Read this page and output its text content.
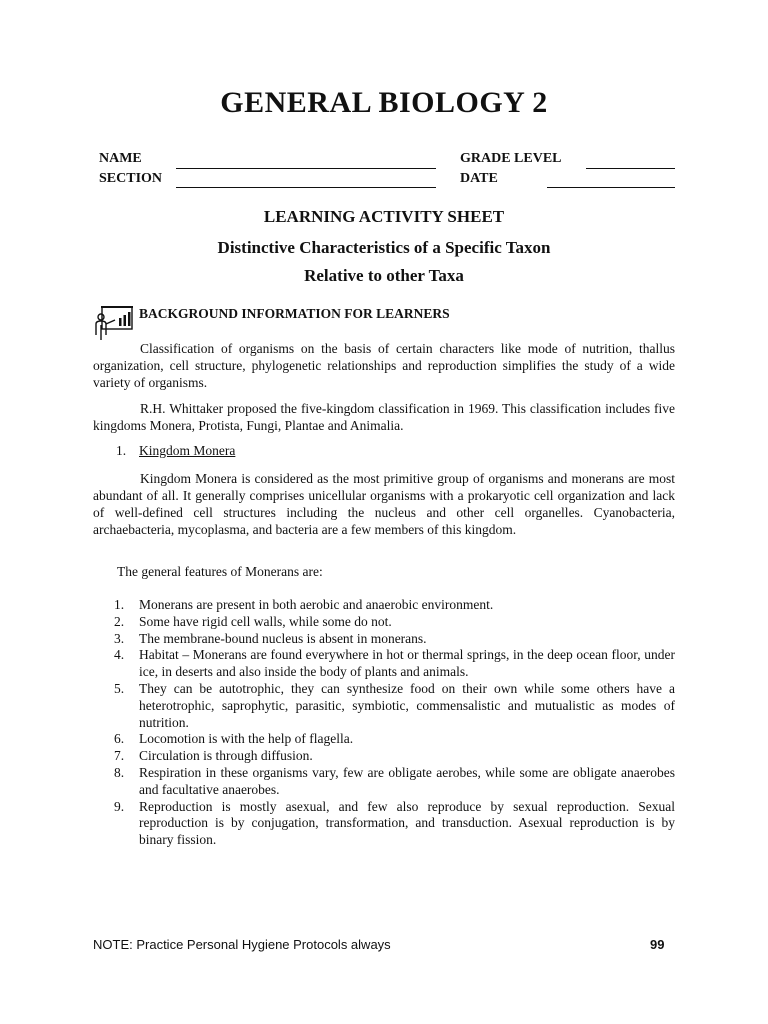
GENERAL BIOLOGY 2
NAME
SECTION
GRADE LEVEL
DATE
LEARNING ACTIVITY SHEET
Distinctive Characteristics of a Specific Taxon
Relative to other Taxa
BACKGROUND INFORMATION FOR LEARNERS
Classification of organisms on the basis of certain characters like mode of nutrition, thallus organization, cell structure, phylogenetic relationships and reproduction simplifies the study of a wide variety of organisms.
R.H. Whittaker proposed the five-kingdom classification in 1969. This classification includes five kingdoms Monera, Protista, Fungi, Plantae and Animalia.
1. Kingdom Monera
Kingdom Monera is considered as the most primitive group of organisms and monerans are most abundant of all. It generally comprises unicellular organisms with a prokaryotic cell organization and lack of well-defined cell structures including the nucleus and other cell organelles. Cyanobacteria, archaebacteria, mycoplasma, and bacteria are a few members of this kingdom.
The general features of Monerans are:
1. Monerans are present in both aerobic and anaerobic environment.
2. Some have rigid cell walls, while some do not.
3. The membrane-bound nucleus is absent in monerans.
4. Habitat – Monerans are found everywhere in hot or thermal springs, in the deep ocean floor, under ice, in deserts and also inside the body of plants and animals.
5. They can be autotrophic, they can synthesize food on their own while some others have a heterotrophic, saprophytic, parasitic, symbiotic, commensalistic and mutualistic as modes of nutrition.
6. Locomotion is with the help of flagella.
7. Circulation is through diffusion.
8. Respiration in these organisms vary, few are obligate aerobes, while some are obligate anaerobes and facultative anaerobes.
9. Reproduction is mostly asexual, and few also reproduce by sexual reproduction. Sexual reproduction is by conjugation, transformation, and transduction. Asexual reproduction is by binary fission.
NOTE: Practice Personal Hygiene Protocols always	99
